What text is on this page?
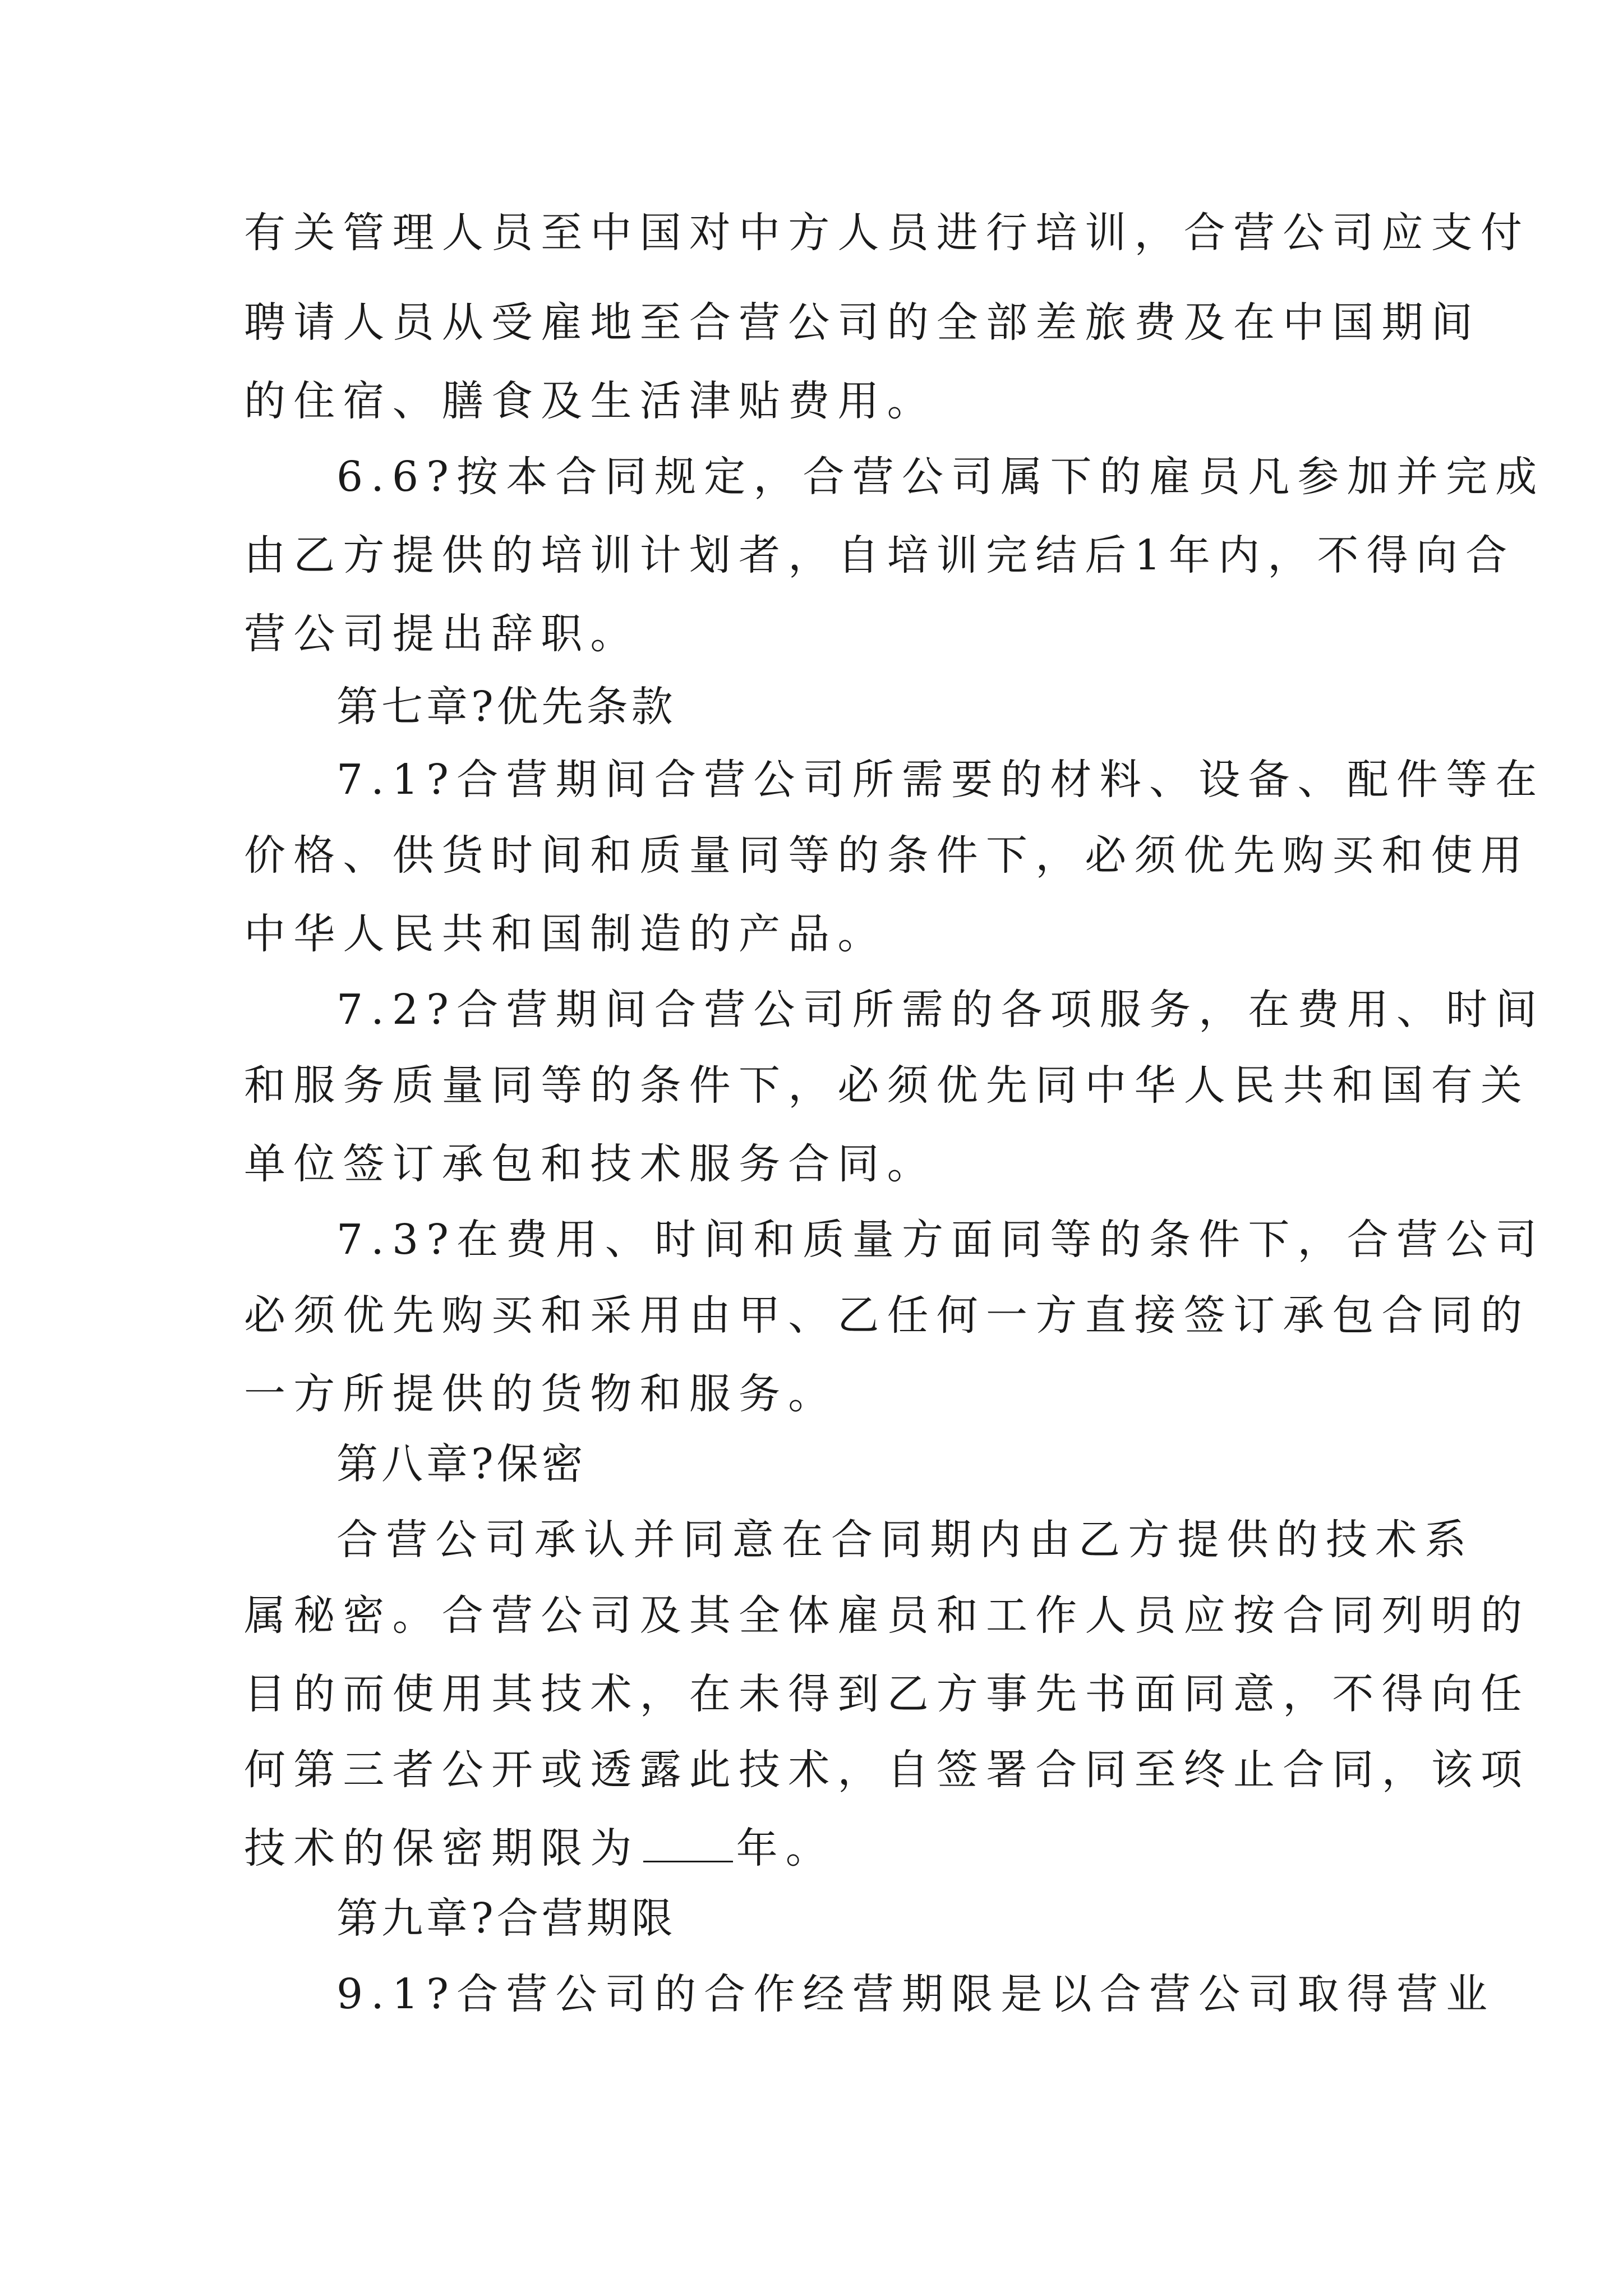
有关管理人员至中国对中方人员进行培训，合营公司应支付
聘请人员从受雇地至合营公司的全部差旅费及在中国期间
的住宿、膳食及生活津贴费用。
6.6?按本合同规定，合营公司属下的雇员凡参加并完成
由乙方提供的培训计划者，自培训完结后1年内，不得向合
营公司提出辞职。
第七章?优先条款
7.1?合营期间合营公司所需要的材料、设备、配件等在
价格、供货时间和质量同等的条件下，必须优先购买和使用
中华人民共和国制造的产品。
7.2?合营期间合营公司所需的各项服务，在费用、时间
和服务质量同等的条件下，必须优先同中华人民共和国有关
单位签订承包和技术服务合同。
7.3?在费用、时间和质量方面同等的条件下，合营公司
必须优先购买和采用由甲、乙任何一方直接签订承包合同的
一方所提供的货物和服务。
第八章?保密
合营公司承认并同意在合同期内由乙方提供的技术系
属秘密。合营公司及其全体雇员和工作人员应按合同列明的
目的而使用其技术，在未得到乙方事先书面同意，不得向任
何第三者公开或透露此技术，自签署合同至终止合同，该项
技术的保密期限为 年。
第九章?合营期限
9.1?合营公司的合作经营期限是以合营公司取得营业
